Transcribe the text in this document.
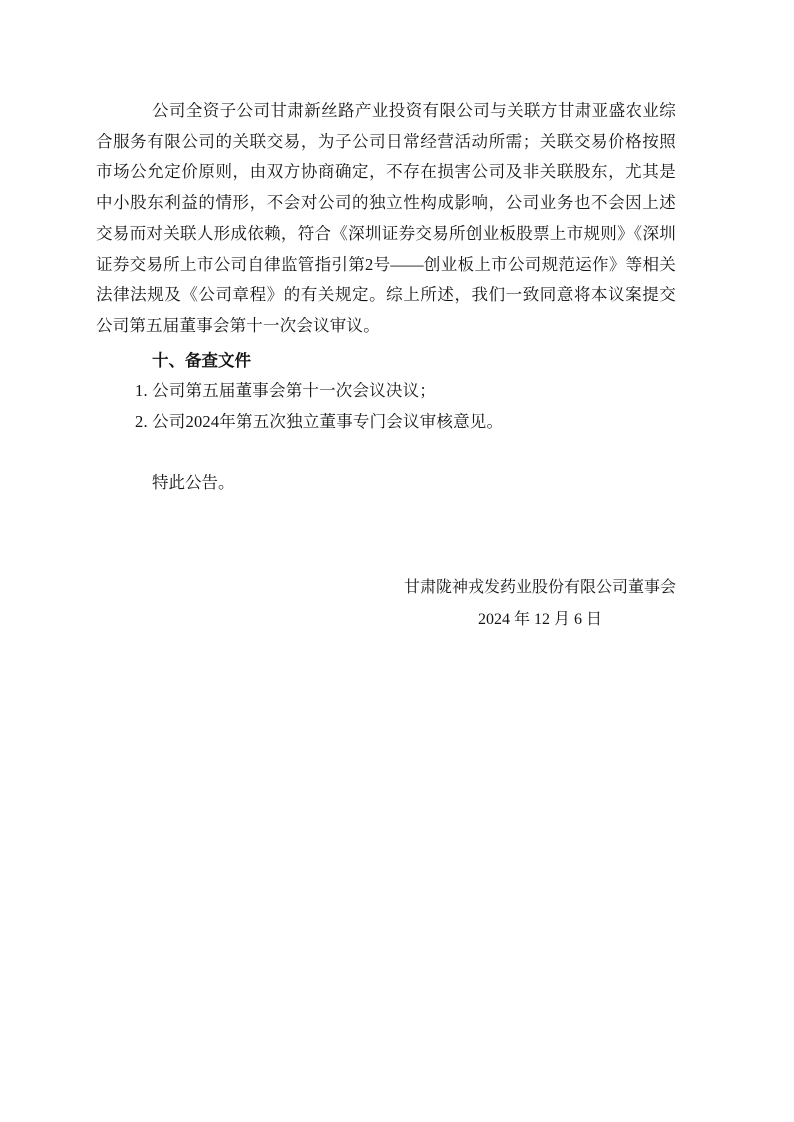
公司全资子公司甘肃新丝路产业投资有限公司与关联方甘肃亚盛农业综合服务有限公司的关联交易，为子公司日常经营活动所需；关联交易价格按照市场公允定价原则，由双方协商确定，不存在损害公司及非关联股东，尤其是中小股东利益的情形，不会对公司的独立性构成影响，公司业务也不会因上述交易而对关联人形成依赖，符合《深圳证券交易所创业板股票上市规则》《深圳证券交易所上市公司自律监管指引第2号——创业板上市公司规范运作》等相关法律法规及《公司章程》的有关规定。综上所述，我们一致同意将本议案提交公司第五届董事会第十一次会议审议。

十、备查文件

1. 公司第五届董事会第十一次会议决议；

2. 公司2024年第五次独立董事专门会议审核意见。

特此公告。

甘肃陇神戎发药业股份有限公司董事会
2024 年 12 月 6 日
